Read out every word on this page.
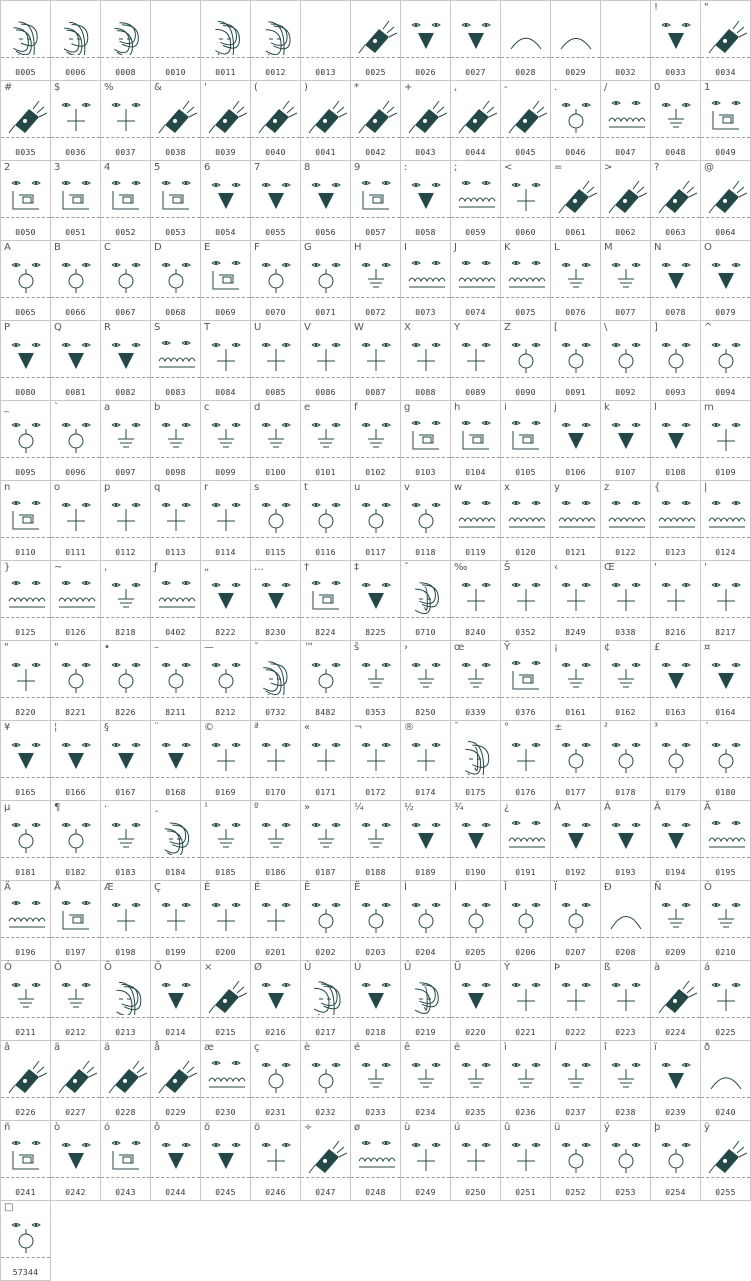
0005	0006	0008	0010	0011	0012	0013	0025	0026	0027	0028	0029	0032
!
0033
"
0034
#
0035
$
0036
%
0037
&
0038
'
0039
(
0040
)
0041
*
0042
+
0043
,
0044
-
0045
.
0046
/
0047
0
0048
1
0049
2
0050
3
0051
4
0052
5
0053
6
0054
7
0055
8
0056
9
0057
:
0058
;
0059
<
0060
=
0061
>
0062
?
0063
@
0064
A
0065
B
0066
C
0067
D
0068
E
0069
F
0070
G
0071
H
0072
I
0073
J
0074
K
0075
L
0076
M
0077
N
0078
O
0079
P
0080
Q
0081
R
0082
S
0083
T
0084
U
0085
V
0086
W
0087
X
0088
Y
0089
Z
0090
[
0091
\
0092
]
0093
^
0094
_
0095
`
0096
a
0097
b
0098
c
0099
d
0100
e
0101
f
0102
g
0103
h
0104
i
0105
j
0106
k
0107
l
0108
m
0109
n
0110
o
0111
p
0112
q
0113
r
0114
s
0115
t
0116
u
0117
v
0118
w
0119
x
0120
y
0121
z
0122
{
0123
|
0124
}
0125
~
0126
,
8218
ƒ
0402
„
8222
…
8230
†
8224
‡
8225
ˆ
0710
‰
8240
Š
0352
‹
8249
Œ
0338
'
8216
'
8217
"
8220
"
8221
•
8226
–
8211
—
8212
˜
0732
™
8482
š
0353
›
8250
œ
0339
Ÿ
0376
¡
0161
¢
0162
£
0163
¤
0164
¥
0165
¦
0166
§
0167
¨
0168
©
0169
ª
0170
«
0171
¬
0172
®
0174
¯
0175
°
0176
±
0177
²
0178
³
0179
´
0180
µ
0181
¶
0182
·
0183
¸
0184
¹
0185
º
0186
»
0187
¼
0188
½
0189
¾
0190
¿
0191
À
0192
Á
0193
Â
0194
Ã
0195
Ä
0196
Å
0197
Æ
0198
Ç
0199
È
0200
É
0201
Ê
0202
Ë
0203
Ì
0204
Í
0205
Î
0206
Ï
0207
Ð
0208
Ñ
0209
Ò
0210
Ó
0211
Ô
0212
Õ
0213
Ö
0214
×
0215
Ø
0216
Ù
0217
Ú
0218
Û
0219
Ü
0220
Ý
0221
Þ
0222
ß
0223
à
0224
á
0225
â
0226
ã
0227
ä
0228
å
0229
æ
0230
ç
0231
è
0232
é
0233
ê
0234
ë
0235
ì
0236
í
0237
î
0238
ï
0239
ð
0240
ñ
0241
ò
0242
ó
0243
ô
0244
õ
0245
ö
0246
÷
0247
ø
0248
ù
0249
ú
0250
û
0251
ü
0252
ý
0253
þ
0254
ÿ
0255
□
57344
